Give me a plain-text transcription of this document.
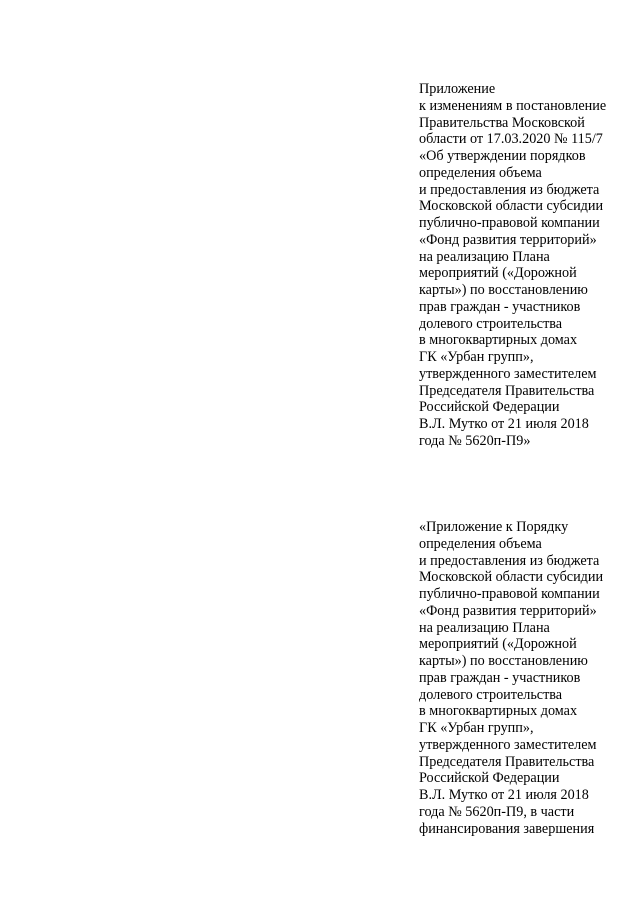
Приложение
к изменениям в постановление
Правительства Московской
области от 17.03.2020 № 115/7
«Об утверждении порядков
определения объема
и предоставления из бюджета
Московской области субсидии
публично-правовой компании
«Фонд развития территорий»
на реализацию Плана
мероприятий («Дорожной
карты») по восстановлению
прав граждан - участников
долевого строительства
в многоквартирных домах
ГК «Урбан групп»,
утвержденного заместителем
Председателя Правительства
Российской Федерации
В.Л. Мутко от 21 июля 2018
года № 5620п-П9»
«Приложение к Порядку
определения объема
и предоставления из бюджета
Московской области субсидии
публично-правовой компании
«Фонд развития территорий»
на реализацию Плана
мероприятий («Дорожной
карты») по восстановлению
прав граждан - участников
долевого строительства
в многоквартирных домах
ГК «Урбан групп»,
утвержденного заместителем
Председателя Правительства
Российской Федерации
В.Л. Мутко от 21 июля 2018
года № 5620п-П9, в части
финансирования завершения
